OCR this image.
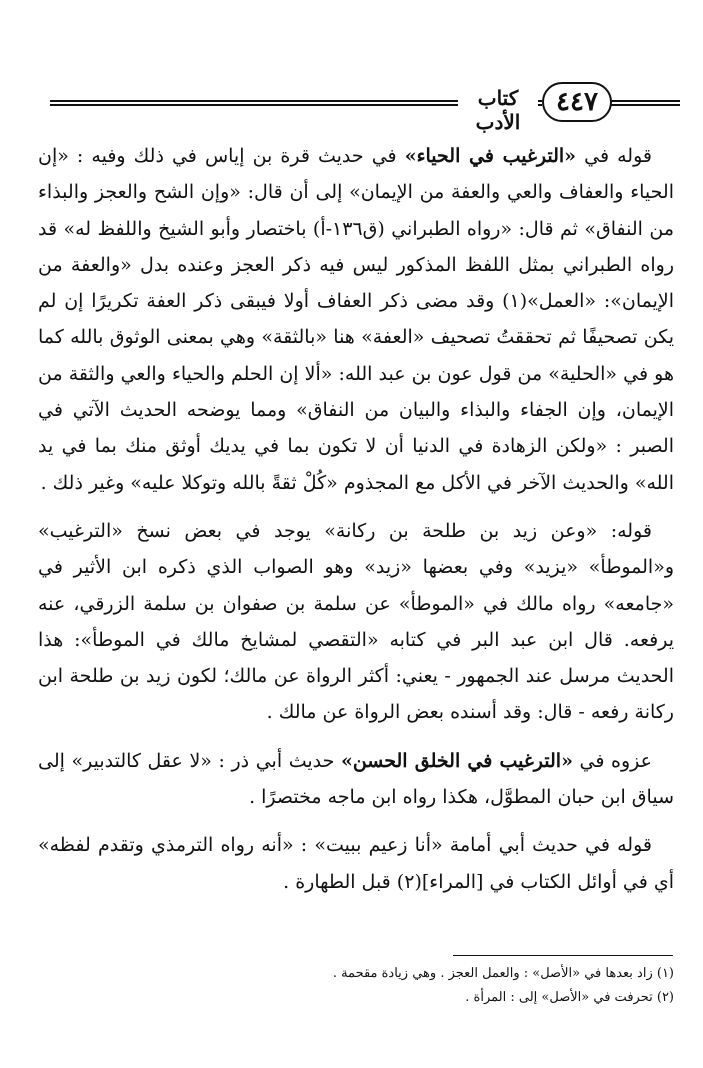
كتاب الأدب
٤٤٧

قوله في «الترغيب في الحياء» في حديث قرة بن إياس في ذلك وفيه : «إن الحياء والعفاف والعي والعفة من الإيمان» إلى أن قال: «وإن الشح والعجز والبذاء من النفاق» ثم قال: «رواه الطبراني (ق١٣٦-أ) باختصار وأبو الشيخ واللفظ له» قد رواه الطبراني بمثل اللفظ المذكور ليس فيه ذكر العجز وعنده بدل «والعفة من الإيمان»: «العمل»(١) وقد مضى ذكر العفاف أولا فيبقى ذكر العفة تكريرًا إن لم يكن تصحيفًا ثم تحققتُ تصحيف «العفة» هنا «بالثقة» وهي بمعنى الوثوق بالله كما هو في «الحلية» من قول عون بن عبد الله: «ألا إن الحلم والحياء والعي والثقة من الإيمان، وإن الجفاء والبذاء والبيان من النفاق» ومما يوضحه الحديث الآتي في الصبر : «ولكن الزهادة في الدنيا أن لا تكون بما في يديك أوثق منك بما في يد الله» والحديث الآخر في الأكل مع المجذوم «كُلْ ثقةً بالله وتوكلا عليه» وغير ذلك .

قوله: «وعن زيد بن طلحة بن ركانة» يوجد في بعض نسخ «الترغيب» و«الموطأ» «يزيد» وفي بعضها «زيد» وهو الصواب الذي ذكره ابن الأثير في «جامعه» رواه مالك في «الموطأ» عن سلمة بن صفوان بن سلمة الزرقي، عنه يرفعه. قال ابن عبد البر في كتابه «التقصي لمشايخ مالك في الموطأ»: هذا الحديث مرسل عند الجمهور - يعني: أكثر الرواة عن مالك؛ لكون زيد بن طلحة ابن ركانة رفعه - قال: وقد أسنده بعض الرواة عن مالك .

عزوه في «الترغيب في الخلق الحسن» حديث أبي ذر : «لا عقل كالتدبير» إلى سياق ابن حبان المطوَّل، هكذا رواه ابن ماجه مختصرًا .

قوله في حديث أبي أمامة «أنا زعيم ببيت» : «أنه رواه الترمذي وتقدم لفظه» أي في أوائل الكتاب في [المراء](٢) قبل الطهارة .

(١) زاد بعدها في «الأصل» : والعمل العجز . وهي زيادة مقحمة .
(٢) تحرفت في «الأصل» إلى : المرأة .
